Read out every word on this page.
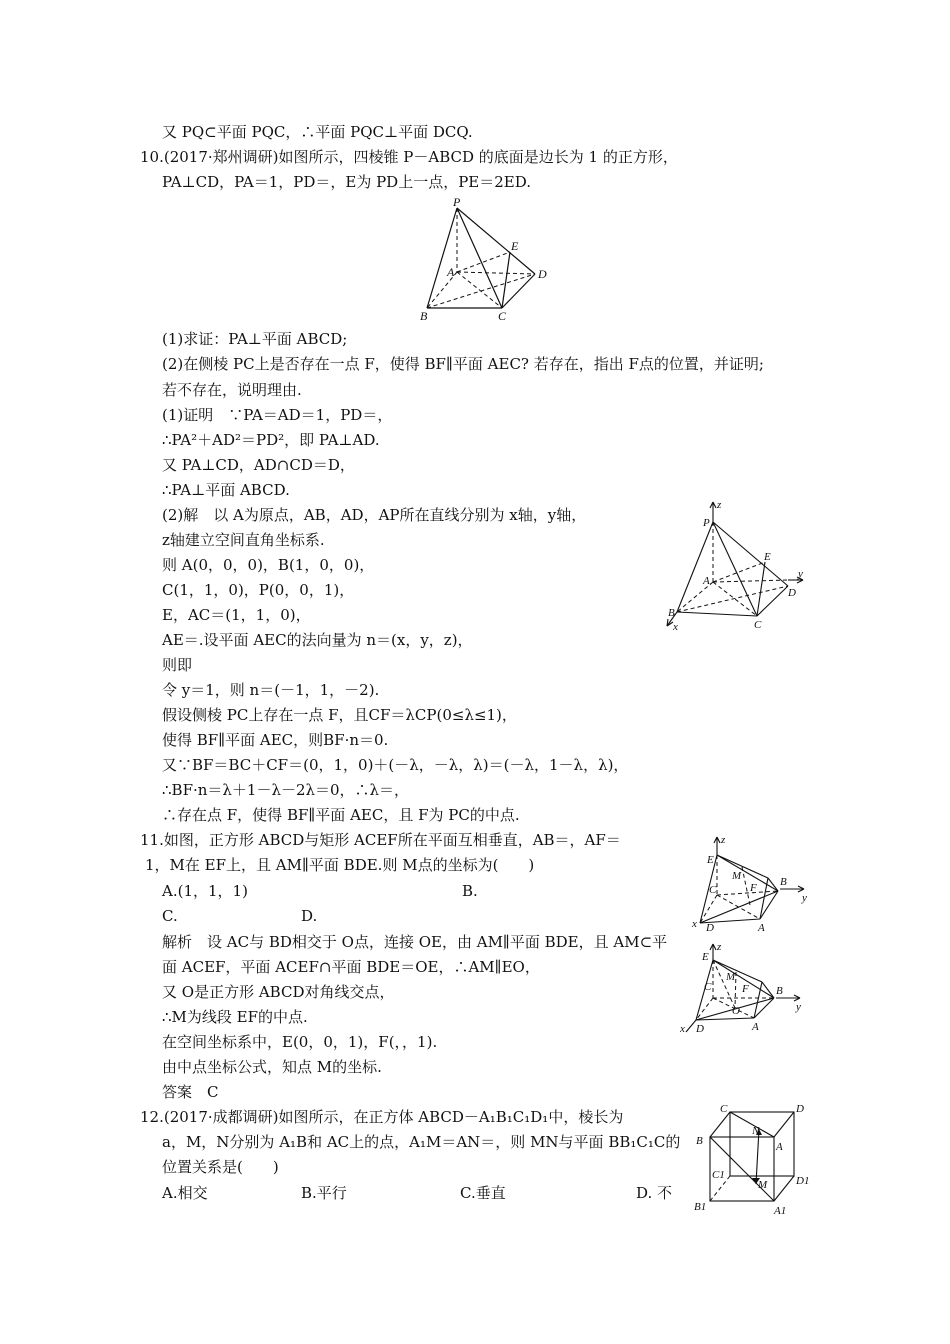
又 PQ⊂平面 PQC，∴平面 PQC⊥平面 DCQ.
10.(2017·郑州调研)如图所示，四棱锥 P－ABCD 的底面是边长为 1 的正方形，
PA⊥CD，PA＝1，PD＝，E为 PD上一点，PE＝2ED.
(1)求证：PA⊥平面 ABCD;
(2)在侧棱 PC上是否存在一点 F，使得 BF∥平面 AEC? 若存在，指出 F点的位置，并证明;
若不存在，说明理由.
(1)证明　∵PA＝AD＝1，PD＝，
∴PA²＋AD²＝PD²，即 PA⊥AD.
又 PA⊥CD，AD∩CD＝D，
∴PA⊥平面 ABCD.
(2)解　以 A为原点，AB，AD，AP所在直线分别为 x轴，y轴，
z轴建立空间直角坐标系.
则 A(0，0，0)，B(1，0，0)，
C(1，1，0)，P(0，0，1)，
E，AC＝(1，1，0)，
AE＝.设平面 AEC的法向量为 n＝(x，y，z)，
则即
令 y＝1，则 n＝(－1，1，－2).
假设侧棱 PC上存在一点 F，且CF＝λCP(0≤λ≤1)，
使得 BF∥平面 AEC，则BF·n＝0.
又∵BF＝BC＋CF＝(0，1，0)＋(－λ，－λ，λ)＝(－λ，1－λ，λ)，
∴BF·n＝λ＋1－λ－2λ＝0，∴λ＝，
∴存在点 F，使得 BF∥平面 AEC，且 F为 PC的中点.
11.如图，正方形 ABCD与矩形 ACEF所在平面互相垂直，AB＝，AF＝
1，M在 EF上，且 AM∥平面 BDE.则 M点的坐标为(　　)
A.(1，1，1)	B.
C.	D.
解析　设 AC与 BD相交于 O点，连接 OE，由 AM∥平面 BDE，且 AM⊂平
面 ACEF，平面 ACEF∩平面 BDE＝OE，∴AM∥EO，
又 O是正方形 ABCD对角线交点，
∴M为线段 EF的中点.
在空间坐标系中，E(0，0，1)，F(，，1).
由中点坐标公式，知点 M的坐标.
答案　C
12.(2017·成都调研)如图所示，在正方体 ABCD－A₁B₁C₁D₁中，棱长为
a，M，N分别为 A₁B和 AC上的点，A₁M＝AN＝，则 MN与平面 BB₁C₁C的
位置关系是(　　)
A.相交	B.平行	C.垂直	D. 不
P
E
A	D
B	C
z
P
E
A
y
D
B
C
x
z
E
C
M
F B
y
x D	A
z
E
C
M
F B
O	y
x D	A
C	D
B
N
A
C1	D1
M
B1	A1
